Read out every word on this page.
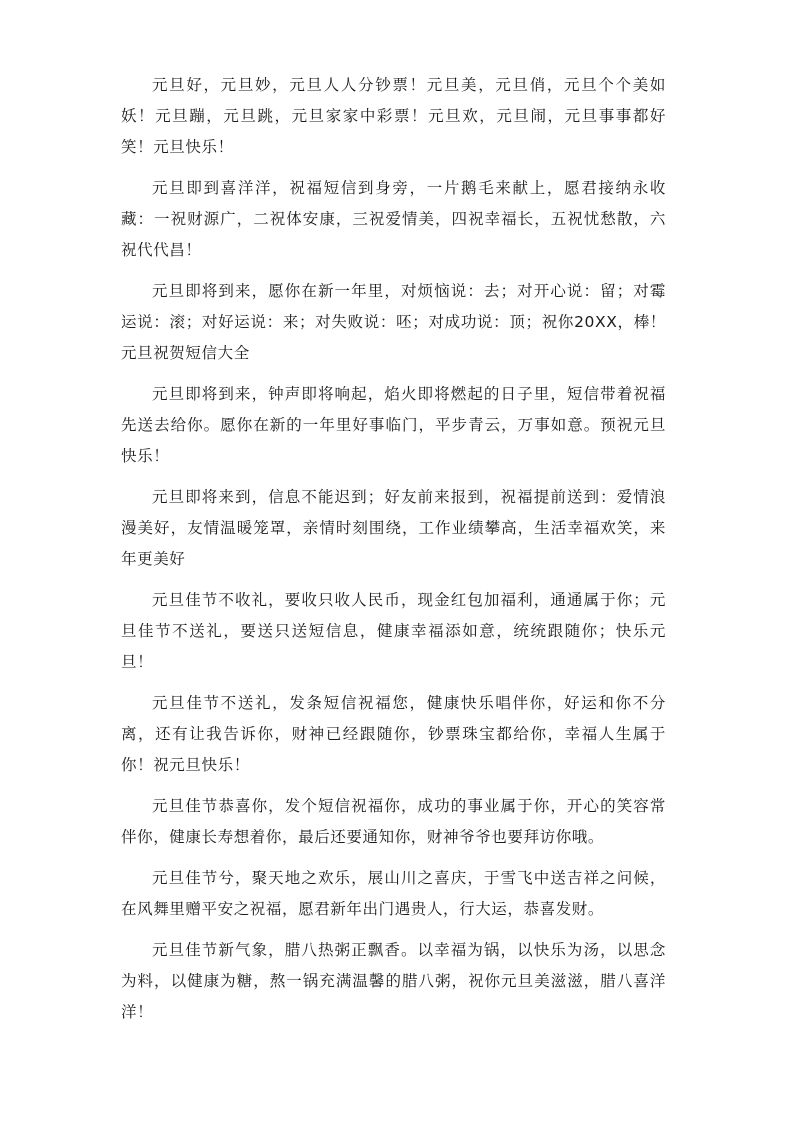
元旦好，元旦妙，元旦人人分钞票！元旦美，元旦俏，元旦个个美如妖！元旦蹦，元旦跳，元旦家家中彩票！元旦欢，元旦闹，元旦事事都好笑！元旦快乐！

元旦即到喜洋洋，祝福短信到身旁，一片鹅毛来献上，愿君接纳永收藏：一祝财源广，二祝体安康，三祝爱情美，四祝幸福长，五祝忧愁散，六祝代代昌！

元旦即将到来，愿你在新一年里，对烦恼说：去；对开心说：留；对霉运说：滚；对好运说：来；对失败说：呸；对成功说：顶；祝你20XX，棒！元旦祝贺短信大全

元旦即将到来，钟声即将响起，焰火即将燃起的日子里，短信带着祝福先送去给你。愿你在新的一年里好事临门，平步青云，万事如意。预祝元旦快乐！

元旦即将来到，信息不能迟到；好友前来报到，祝福提前送到：爱情浪漫美好，友情温暖笼罩，亲情时刻围绕，工作业绩攀高，生活幸福欢笑，来年更美好

元旦佳节不收礼，要收只收人民币，现金红包加福利，通通属于你；元旦佳节不送礼，要送只送短信息，健康幸福添如意，统统跟随你；快乐元旦！

元旦佳节不送礼，发条短信祝福您，健康快乐唱伴你，好运和你不分离，还有让我告诉你，财神已经跟随你，钞票珠宝都给你，幸福人生属于你！祝元旦快乐！

元旦佳节恭喜你，发个短信祝福你，成功的事业属于你，开心的笑容常伴你，健康长寿想着你，最后还要通知你，财神爷爷也要拜访你哦。

元旦佳节兮，聚天地之欢乐，展山川之喜庆，于雪飞中送吉祥之问候，在风舞里赠平安之祝福，愿君新年出门遇贵人，行大运，恭喜发财。

元旦佳节新气象，腊八热粥正飘香。以幸福为锅，以快乐为汤，以思念为料，以健康为糖，熬一锅充满温馨的腊八粥，祝你元旦美滋滋，腊八喜洋洋！
